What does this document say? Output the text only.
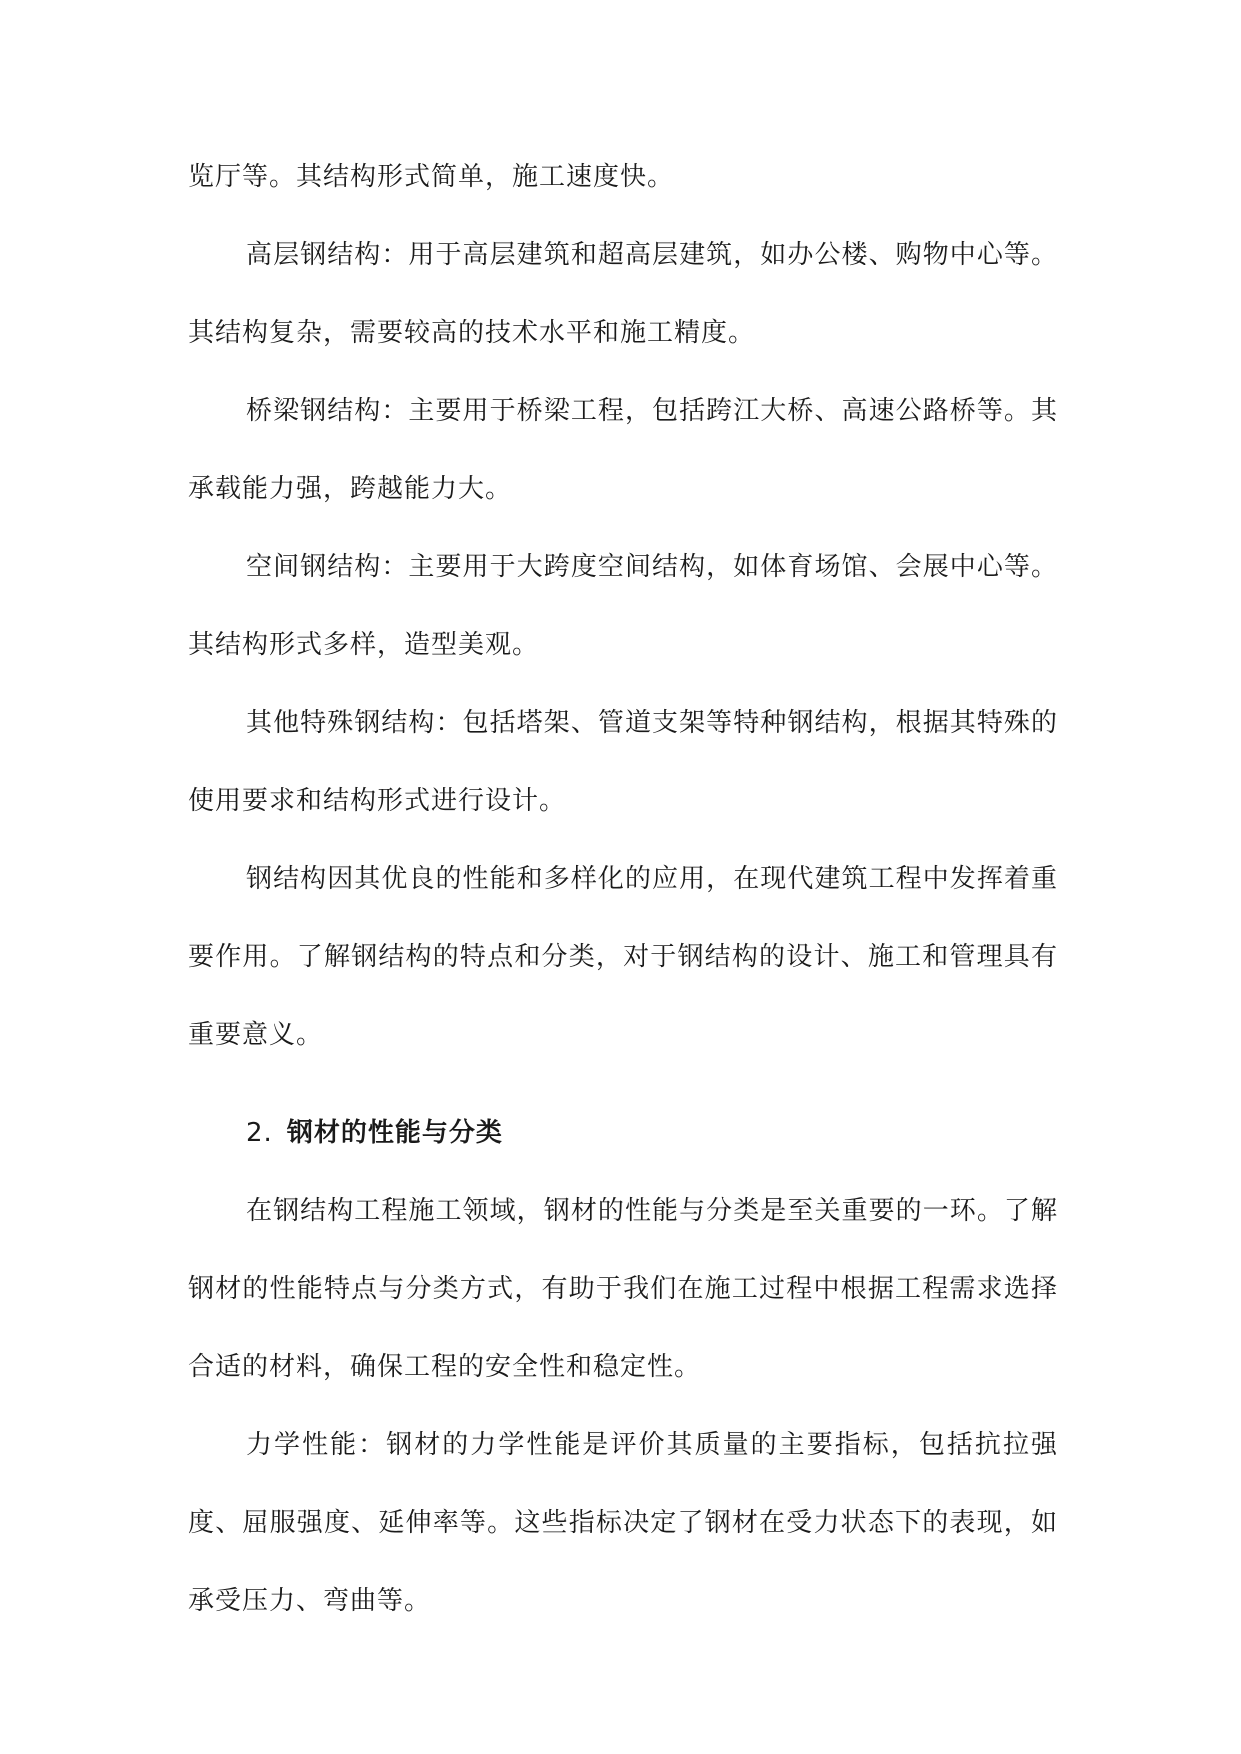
览厅等。其结构形式简单，施工速度快。

高层钢结构：用于高层建筑和超高层建筑，如办公楼、购物中心等。其结构复杂，需要较高的技术水平和施工精度。

桥梁钢结构：主要用于桥梁工程，包括跨江大桥、高速公路桥等。其承载能力强，跨越能力大。

空间钢结构：主要用于大跨度空间结构，如体育场馆、会展中心等。其结构形式多样，造型美观。

其他特殊钢结构：包括塔架、管道支架等特种钢结构，根据其特殊的使用要求和结构形式进行设计。

钢结构因其优良的性能和多样化的应用，在现代建筑工程中发挥着重要作用。了解钢结构的特点和分类，对于钢结构的设计、施工和管理具有重要意义。

2. 钢材的性能与分类

在钢结构工程施工领域，钢材的性能与分类是至关重要的一环。了解钢材的性能特点与分类方式，有助于我们在施工过程中根据工程需求选择合适的材料，确保工程的安全性和稳定性。

力学性能：钢材的力学性能是评价其质量的主要指标，包括抗拉强度、屈服强度、延伸率等。这些指标决定了钢材在受力状态下的表现，如承受压力、弯曲等。
